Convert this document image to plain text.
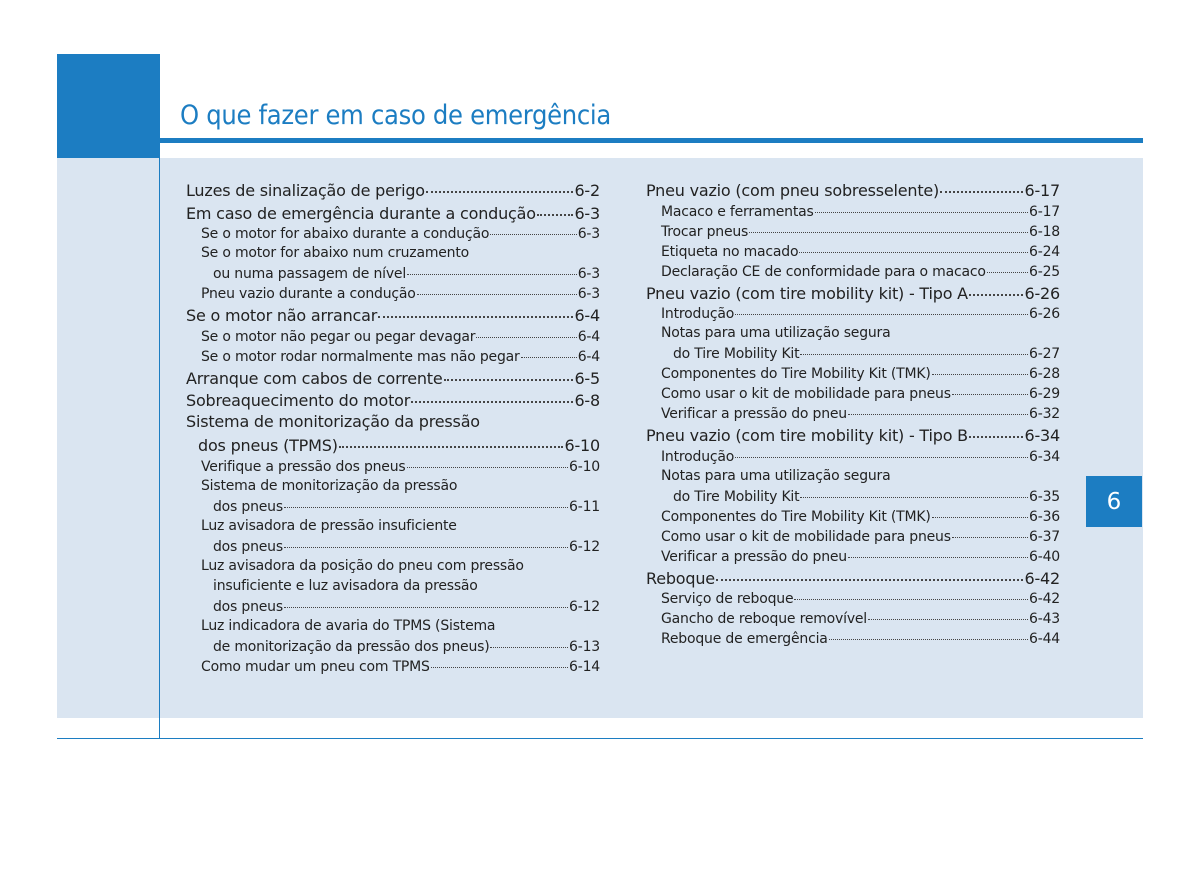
O que fazer em caso de emergência
6
Luzes de sinalização de perigo	6-2
Em caso de emergência durante a condução 6-3
Se o motor for abaixo durante a condução	6-3
Se o motor for abaixo num cruzamento
ou numa passagem de nível	6-3
Pneu vazio durante a condução	6-3
Se o motor não arrancar	6-4
Se o motor não pegar ou pegar devagar	6-4
Se o motor rodar normalmente mas não pegar	6-4
Arranque com cabos de corrente	6-5
Sobreaquecimento do motor	6-8
Sistema de monitorização da pressão
dos pneus (TPMS)	6-10
Verifique a pressão dos pneus	6-10
Sistema de monitorização da pressão
dos pneus	6-11
Luz avisadora de pressão insuficiente
dos pneus	6-12
Luz avisadora da posição do pneu com pressão
insuficiente e luz avisadora da pressão
dos pneus	6-12
Luz indicadora de avaria do TPMS (Sistema
de monitorização da pressão dos pneus)	6-13
Como mudar um pneu com TPMS	6-14
Pneu vazio (com pneu sobresselente)	6-17
Macaco e ferramentas	6-17
Trocar pneus	6-18
Etiqueta no macado	6-24
Declaração CE de conformidade para o macaco	6-25
Pneu vazio (com tire mobility kit) - Tipo A	6-26
Introdução	6-26
Notas para uma utilização segura
do Tire Mobility Kit	6-27
Componentes do Tire Mobility Kit (TMK)	6-28
Como usar o kit de mobilidade para pneus	6-29
Verificar a pressão do pneu	6-32
Pneu vazio (com tire mobility kit) - Tipo B	6-34
Introdução	6-34
Notas para uma utilização segura
do Tire Mobility Kit	6-35
Componentes do Tire Mobility Kit (TMK)	6-36
Como usar o kit de mobilidade para pneus	6-37
Verificar a pressão do pneu	6-40
Reboque	6-42
Serviço de reboque	6-42
Gancho de reboque removível	6-43
Reboque de emergência	6-44
